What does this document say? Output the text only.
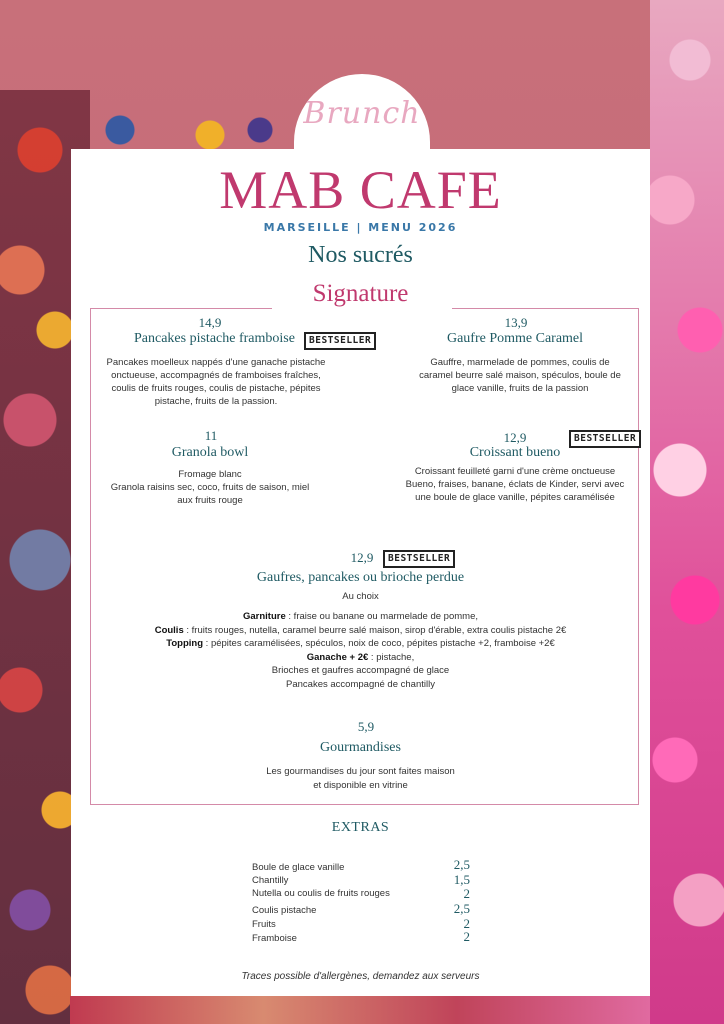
Brunch
MAB CAFE
MARSEILLE | MENU 2026
Nos sucrés
Signature
14,9
Pancakes pistache framboise	BESTSELLER
Pancakes moelleux nappés d'une ganache pistache
onctueuse, accompagnés de framboises fraîches,
coulis de fruits rouges, coulis de pistache, pépites
pistache, fruits de la passion.
13,9
Gaufre Pomme Caramel
Gauffre, marmelade de pommes, coulis de
caramel beurre salé maison, spéculos, boule de
glace vanille, fruits de la passion
11
Granola bowl
Fromage blanc
Granola raisins sec, coco, fruits de saison, miel
aux fruits rouge
12,9	BESTSELLER
Croissant bueno
Croissant feuilleté garni d'une crème onctueuse
Bueno, fraises, banane, éclats de Kinder, servi avec
une boule de glace vanille, pépites caramélisée
12,9	BESTSELLER
Gaufres, pancakes ou brioche perdue
Au choix
Garniture : fraise ou banane ou marmelade de pomme,
Coulis : fruits rouges, nutella, caramel beurre salé maison, sirop d'érable, extra coulis pistache 2€
Topping : pépites caramélisées, spéculos, noix de coco, pépites pistache +2, framboise +2€
Ganache + 2€ : pistache,
Brioches et gaufres accompagné de glace
Pancakes accompagné de chantilly
5,9
Gourmandises
Les gourmandises du jour sont faites maison
et disponible en vitrine
EXTRAS
Boule de glace vanille	2,5
Chantilly	1,5
Nutella ou coulis de fruits rouges	2
Coulis pistache	2,5
Fruits	2
Framboise	2
Traces possible d'allergènes, demandez aux serveurs
